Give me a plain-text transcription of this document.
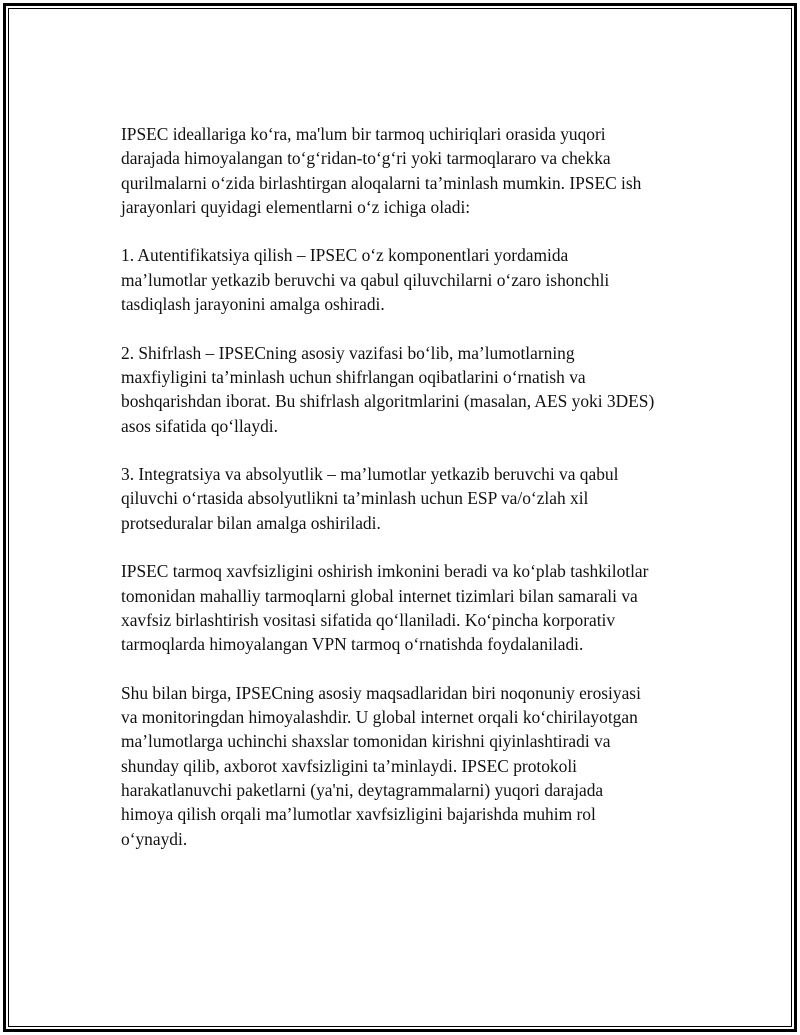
IPSEC ideallariga ko‘ra, ma'lum bir tarmoq uchiriqlari orasida yuqori
darajada himoyalangan to‘g‘ridan-to‘g‘ri yoki tarmoqlararo va chekka
qurilmalarni o‘zida birlashtirgan aloqalarni ta’minlash mumkin. IPSEC ish
jarayonlari quyidagi elementlarni o‘z ichiga oladi:

1. Autentifikatsiya qilish – IPSEC o‘z komponentlari yordamida
ma’lumotlar yetkazib beruvchi va qabul qiluvchilarni o‘zaro ishonchli
tasdiqlash jarayonini amalga oshiradi.

2. Shifrlash – IPSECning asosiy vazifasi bo‘lib, ma’lumotlarning
maxfiyligini ta’minlash uchun shifrlangan oqibatlarini o‘rnatish va
boshqarishdan iborat. Bu shifrlash algoritmlarini (masalan, AES yoki 3DES)
asos sifatida qo‘llaydi.

3. Integratsiya va absolyutlik – ma’lumotlar yetkazib beruvchi va qabul
qiluvchi o‘rtasida absolyutlikni ta’minlash uchun ESP va/o‘zlah xil
protseduralar bilan amalga oshiriladi.

IPSEC tarmoq xavfsizligini oshirish imkonini beradi va ko‘plab tashkilotlar
tomonidan mahalliy tarmoqlarni global internet tizimlari bilan samarali va
xavfsiz birlashtirish vositasi sifatida qo‘llaniladi. Ko‘pincha korporativ
tarmoqlarda himoyalangan VPN tarmoq o‘rnatishda foydalaniladi.

Shu bilan birga, IPSECning asosiy maqsadlaridan biri noqonuniy erosiyasi
va monitoringdan himoyalashdir. U global internet orqali ko‘chirilayotgan
ma’lumotlarga uchinchi shaxslar tomonidan kirishni qiyinlashtiradi va
shunday qilib, axborot xavfsizligini ta’minlaydi. IPSEC protokoli
harakatlanuvchi paketlarni (ya'ni, deytagrammalarni) yuqori darajada
himoya qilish orqali ma’lumotlar xavfsizligini bajarishda muhim rol
o‘ynaydi.
